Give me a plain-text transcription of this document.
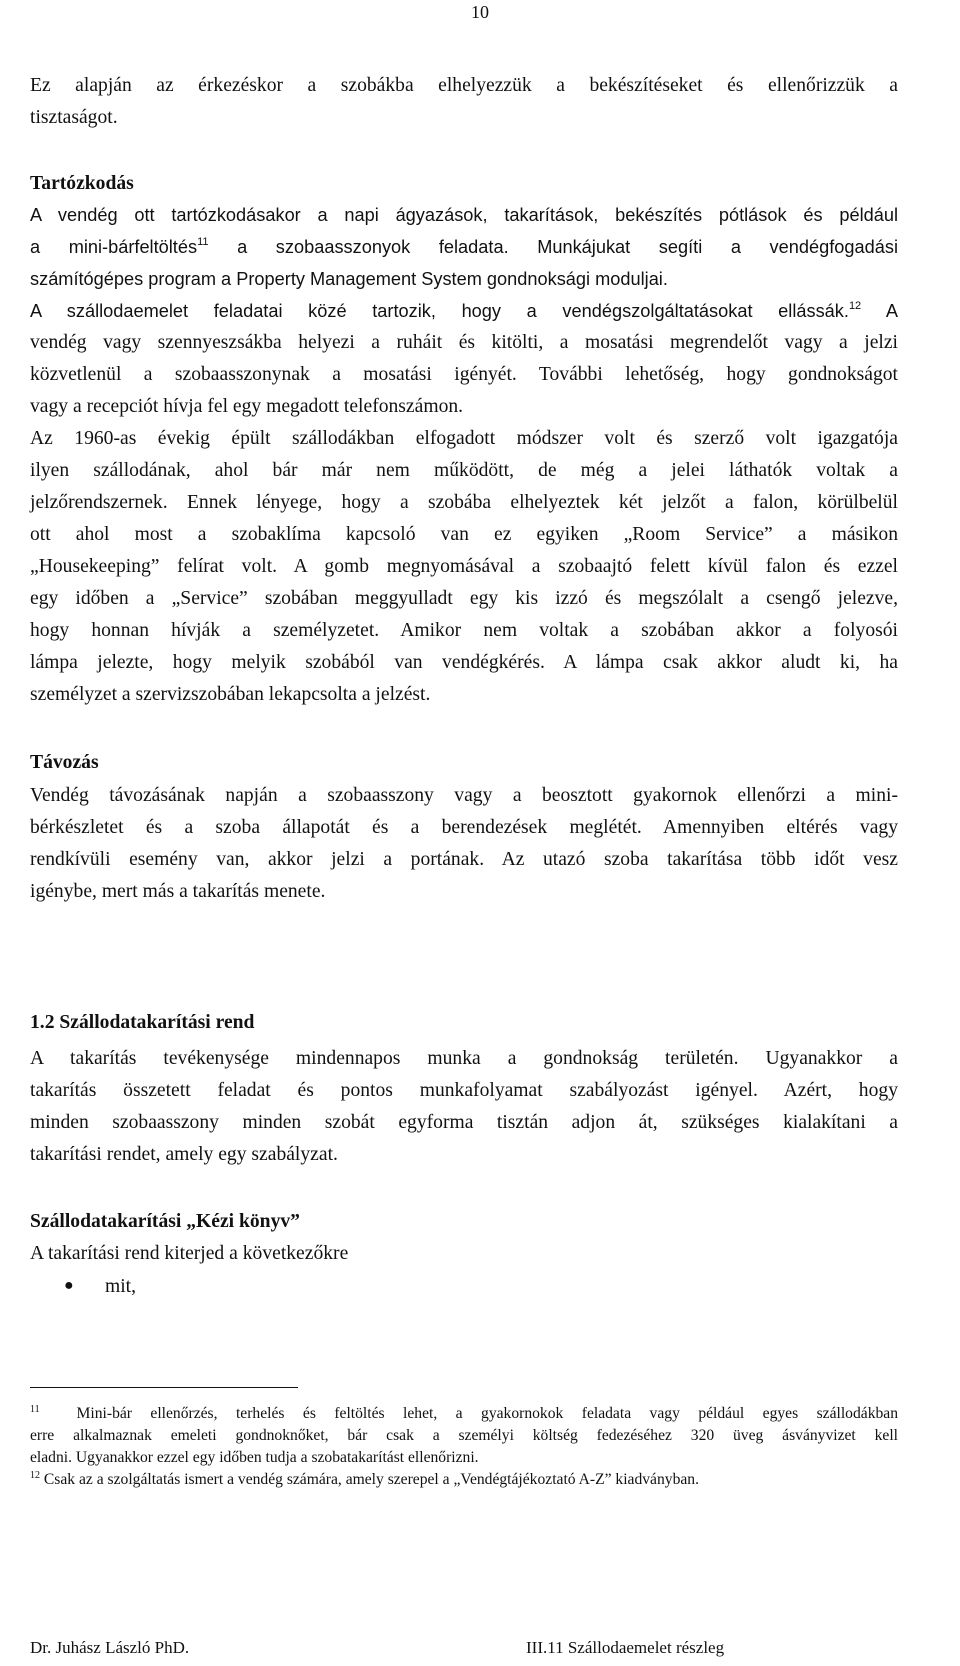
10
Ez alapján az érkezéskor a szobákba elhelyezzük a bekészítéseket és ellenőrizzük a
tisztaságot.
Tartózkodás
A vendég ott tartózkodásakor a napi ágyazások, takarítások, bekészítés pótlások és például
a mini-bárfeltöltés$^{11}$ a szobaasszonyok feladata. Munkájukat segíti a vendégfogadási
számítógépes program a Property Management System gondnoksági moduljai.
A szállodaemelet feladatai közé tartozik, hogy a vendégszolgáltatásokat ellássák.$^{12}$ A
vendég vagy szennyeszsákba helyezi a ruháit és kitölti, a mosatási megrendelőt vagy a jelzi
közvetlenül a szobaasszonynak a mosatási igényét. További lehetőség, hogy gondnokságot
vagy a recepciót hívja fel egy megadott telefonszámon.
Az 1960-as évekig épült szállodákban elfogadott módszer volt és szerző volt igazgatója
ilyen szállodának, ahol bár már nem működött, de még a jelei láthatók voltak a
jelzőrendszernek. Ennek lényege, hogy a szobába elhelyeztek két jelzőt a falon, körülbelül
ott ahol most a szobaklíma kapcsoló van ez egyiken „Room Service” a másikon
„Housekeeping” felírat volt. A gomb megnyomásával a szobaajtó felett kívül falon és ezzel
egy időben a „Service” szobában meggyulladt egy kis izzó és megszólalt a csengő jelezve,
hogy honnan hívják a személyzetet. Amikor nem voltak a szobában akkor a folyosói
lámpa jelezte, hogy melyik szobából van vendégkérés. A lámpa csak akkor aludt ki, ha
személyzet a szervizszobában lekapcsolta a jelzést.
Távozás
Vendég távozásának napján a szobaasszony vagy a beosztott gyakornok ellenőrzi a mini-
bérkészletet és a szoba állapotát és a berendezések meglétét. Amennyiben eltérés vagy
rendkívüli esemény van, akkor jelzi a portának. Az utazó szoba takarítása több időt vesz
igénybe, mert más a takarítás menete.
1.2 Szállodatakarítási rend
A takarítás tevékenysége mindennapos munka a gondnokság területén. Ugyanakkor a
takarítás összetett feladat és pontos munkafolyamat szabályozást igényel. Azért, hogy
minden szobaasszony minden szobát egyforma tisztán adjon át, szükséges kialakítani a
takarítási rendet, amely egy szabályzat.
Szállodatakarítási „Kézi könyv”
A takarítási rend kiterjed a következőkre
● mit,
$^{11}$ Mini-bár ellenőrzés, terhelés és feltöltés lehet, a gyakornokok feladata vagy például egyes szállodákban
erre alkalmaznak emeleti gondnoknőket, bár csak a személyi költség fedezéséhez 320 üveg ásványvizet kell
eladni. Ugyanakkor ezzel egy időben tudja a szobatakarítást ellenőrizni.
$^{12}$ Csak az a szolgáltatás ismert a vendég számára, amely szerepel a „Vendégtájékoztató A-Z” kiadványban.
Dr. Juhász László PhD.	III.11 Szállodaemelet részleg
